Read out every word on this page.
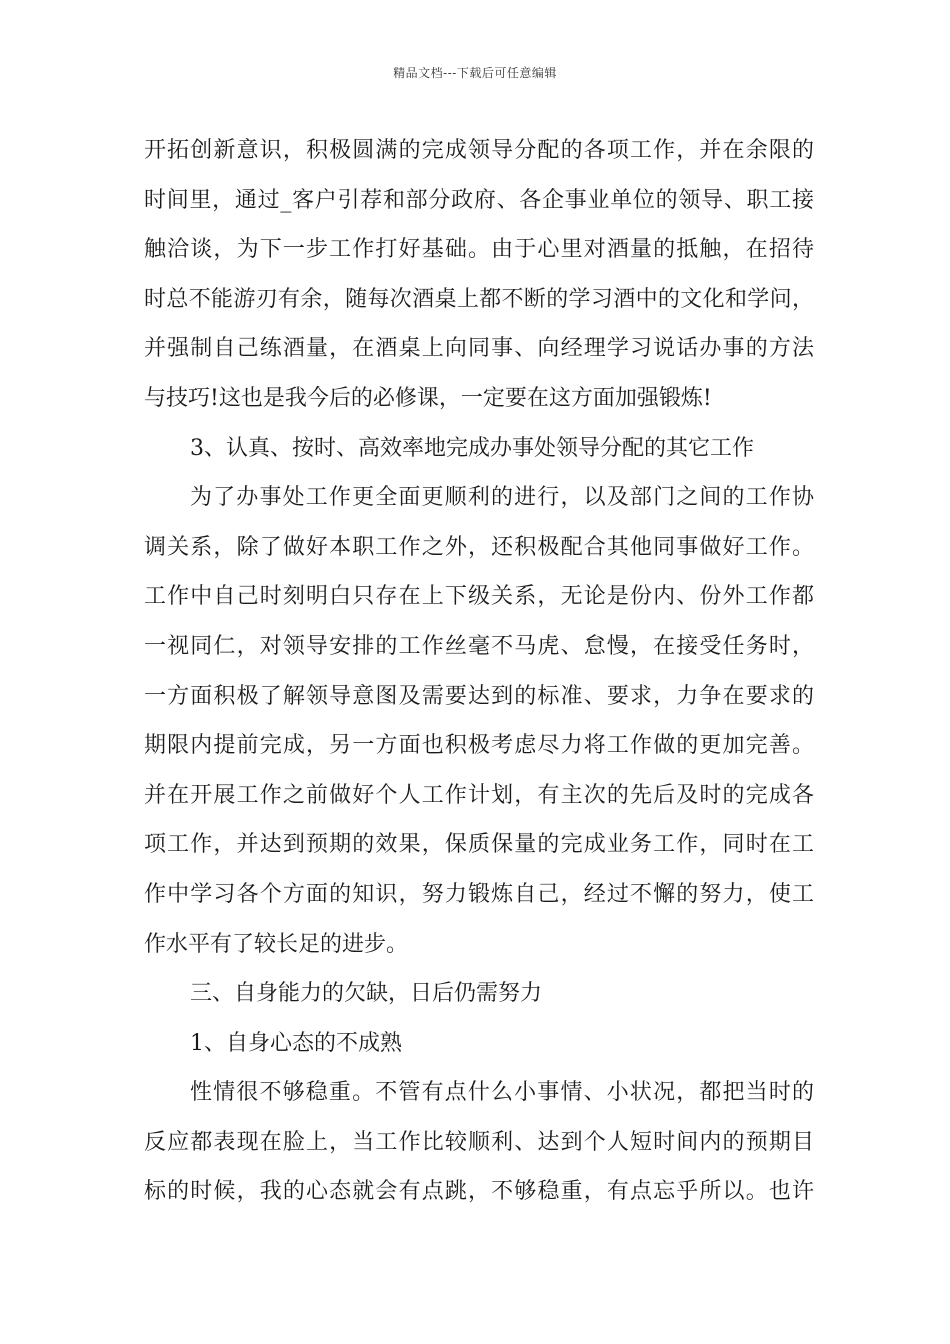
精品文档---下载后可任意编辑
开拓创新意识，积极圆满的完成领导分配的各项工作，并在余限的
时间里，通过_客户引荐和部分政府、各企事业单位的领导、职工接
触洽谈，为下一步工作打好基础。由于心里对酒量的抵触，在招待
时总不能游刃有余，随每次酒桌上都不断的学习酒中的文化和学问，
并强制自己练酒量，在酒桌上向同事、向经理学习说话办事的方法
与技巧!这也是我今后的必修课，一定要在这方面加强锻炼!
3、认真、按时、高效率地完成办事处领导分配的其它工作
为了办事处工作更全面更顺利的进行，以及部门之间的工作协
调关系，除了做好本职工作之外，还积极配合其他同事做好工作。
工作中自己时刻明白只存在上下级关系，无论是份内、份外工作都
一视同仁，对领导安排的工作丝毫不马虎、怠慢，在接受任务时，
一方面积极了解领导意图及需要达到的标准、要求，力争在要求的
期限内提前完成，另一方面也积极考虑尽力将工作做的更加完善。
并在开展工作之前做好个人工作计划，有主次的先后及时的完成各
项工作，并达到预期的效果，保质保量的完成业务工作，同时在工
作中学习各个方面的知识，努力锻炼自己，经过不懈的努力，使工
作水平有了较长足的进步。
三、自身能力的欠缺，日后仍需努力
1、自身心态的不成熟
性情很不够稳重。不管有点什么小事情、小状况，都把当时的
反应都表现在脸上，当工作比较顺利、达到个人短时间内的预期目
标的时候，我的心态就会有点跳，不够稳重，有点忘乎所以。也许
